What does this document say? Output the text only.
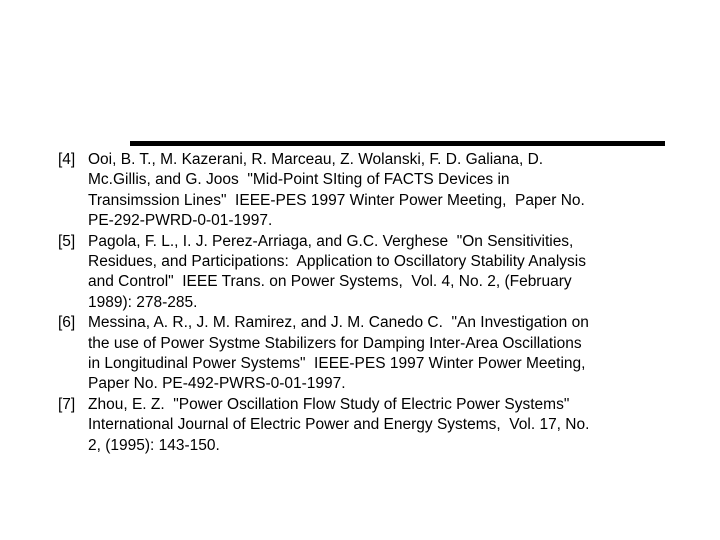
[4] Ooi, B. T., M. Kazerani, R. Marceau, Z. Wolanski, F. D. Galiana, D.
Mc.Gillis, and G. Joos  "Mid-Point SIting of FACTS Devices in
Transimssion Lines"  IEEE-PES 1997 Winter Power Meeting,  Paper No.
PE-292-PWRD-0-01-1997.
[5] Pagola, F. L., I. J. Perez-Arriaga, and G.C. Verghese  "On Sensitivities,
Residues, and Participations:  Application to Oscillatory Stability Analysis
and Control"  IEEE Trans. on Power Systems,  Vol. 4, No. 2, (February
1989): 278-285.
[6] Messina, A. R., J. M. Ramirez, and J. M. Canedo C.  "An Investigation on
the use of Power Systme Stabilizers for Damping Inter-Area Oscillations
in Longitudinal Power Systems"  IEEE-PES 1997 Winter Power Meeting,
Paper No. PE-492-PWRS-0-01-1997.
[7] Zhou, E. Z.  "Power Oscillation Flow Study of Electric Power Systems"
International Journal of Electric Power and Energy Systems,  Vol. 17, No.
2, (1995): 143-150.
